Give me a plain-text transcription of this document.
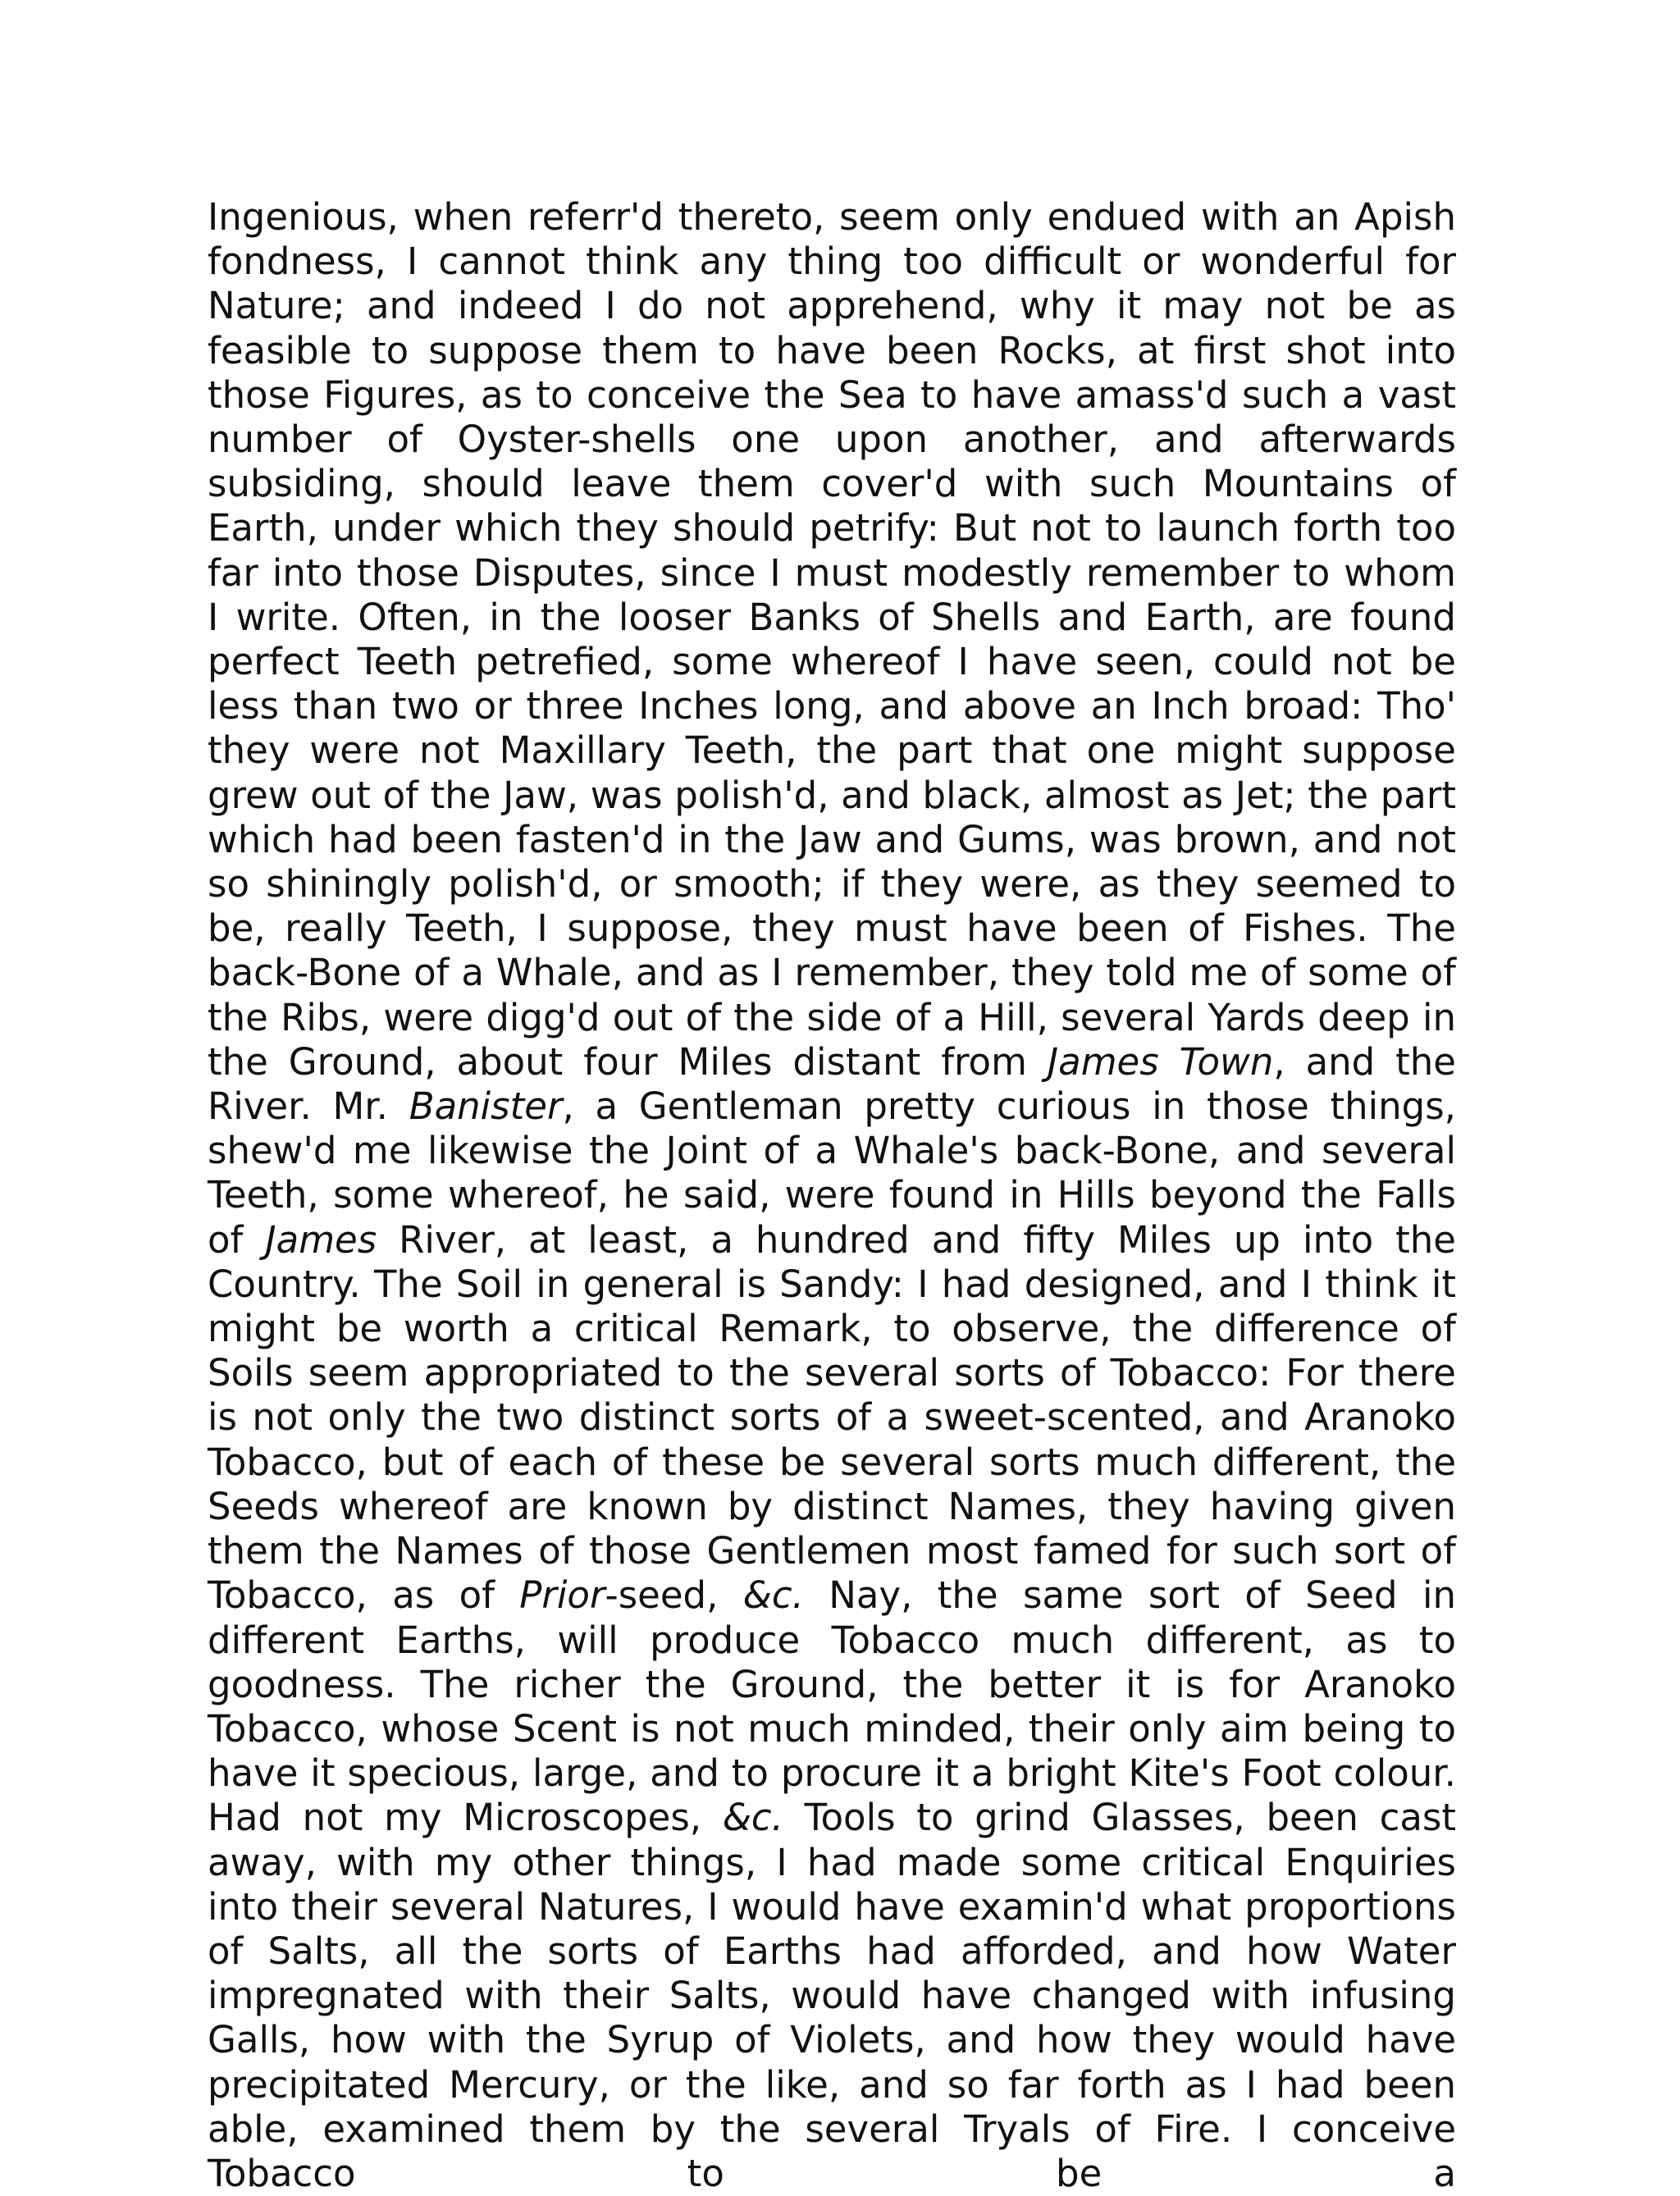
Ingenious, when referr'd thereto, seem only endued with an Apish fondness, I cannot think any thing too difficult or wonderful for Nature; and indeed I do not apprehend, why it may not be as feasible to suppose them to have been Rocks, at first shot into those Figures, as to conceive the Sea to have amass'd such a vast number of Oyster-shells one upon another, and afterwards subsiding, should leave them cover'd with such Mountains of Earth, under which they should petrify: But not to launch forth too far into those Disputes, since I must modestly remember to whom I write. Often, in the looser Banks of Shells and Earth, are found perfect Teeth petrefied, some whereof I have seen, could not be less than two or three Inches long, and above an Inch broad: Tho' they were not Maxillary Teeth, the part that one might suppose grew out of the Jaw, was polish'd, and black, almost as Jet; the part which had been fasten'd in the Jaw and Gums, was brown, and not so shiningly polish'd, or smooth; if they were, as they seemed to be, really Teeth, I suppose, they must have been of Fishes. The back-Bone of a Whale, and as I remember, they told me of some of the Ribs, were digg'd out of the side of a Hill, several Yards deep in the Ground, about four Miles distant from James Town, and the River. Mr. Banister, a Gentleman pretty curious in those things, shew'd me likewise the Joint of a Whale's back-Bone, and several Teeth, some whereof, he said, were found in Hills beyond the Falls of James River, at least, a hundred and fifty Miles up into the Country. The Soil in general is Sandy: I had designed, and I think it might be worth a critical Remark, to observe, the difference of Soils seem appropriated to the several sorts of Tobacco: For there is not only the two distinct sorts of a sweet-scented, and Aranoko Tobacco, but of each of these be several sorts much different, the Seeds whereof are known by distinct Names, they having given them the Names of those Gentlemen most famed for such sort of Tobacco, as of Prior-seed, &c. Nay, the same sort of Seed in different Earths, will produce Tobacco much different, as to goodness. The richer the Ground, the better it is for Aranoko Tobacco, whose Scent is not much minded, their only aim being to have it specious, large, and to procure it a bright Kite's Foot colour. Had not my Microscopes, &c. Tools to grind Glasses, been cast away, with my other things, I had made some critical Enquiries into their several Natures, I would have examin'd what proportions of Salts, all the sorts of Earths had afforded, and how Water impregnated with their Salts, would have changed with infusing Galls, how with the Syrup of Violets, and how they would have precipitated Mercury, or the like, and so far forth as I had been able, examined them by the several Tryals of Fire. I conceive Tobacco to be a
